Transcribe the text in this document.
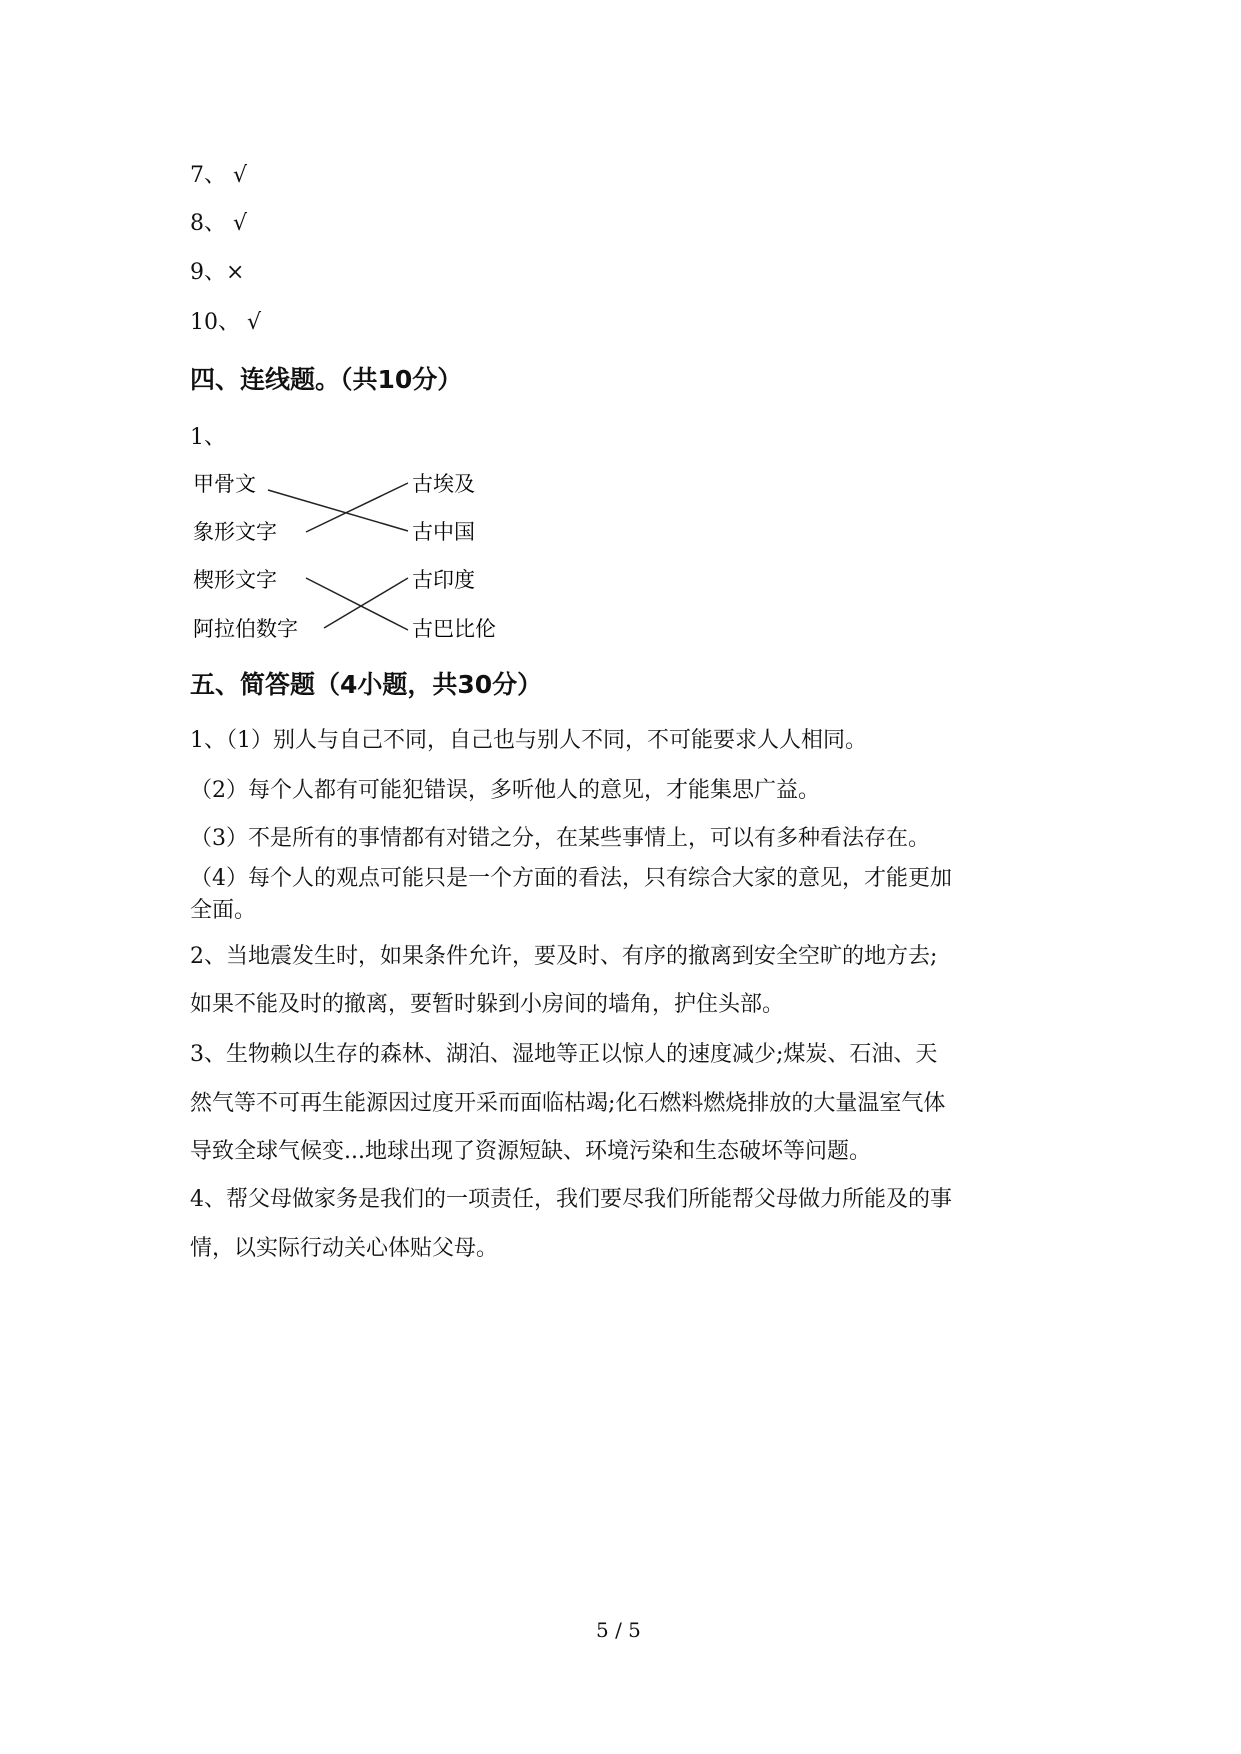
7、 √
8、 √
9、×
10、 √
四、连线题。（共10分）
1、
甲骨文
象形文字
楔形文字
阿拉伯数字
古埃及
古中国
古印度
古巴比伦
五、简答题（4小题，共30分）
1、（1）别人与自己不同，自己也与别人不同，不可能要求人人相同。
（2）每个人都有可能犯错误，多听他人的意见，才能集思广益。
（3）不是所有的事情都有对错之分，在某些事情上，可以有多种看法存在。
（4）每个人的观点可能只是一个方面的看法，只有综合大家的意见，才能更加
全面。
2、当地震发生时，如果条件允许，要及时、有序的撤离到安全空旷的地方去;
如果不能及时的撤离，要暂时躲到小房间的墙角，护住头部。
3、生物赖以生存的森林、湖泊、湿地等正以惊人的速度减少;煤炭、石油、天
然气等不可再生能源因过度开采而面临枯竭;化石燃料燃烧排放的大量温室气体
导致全球气候变...地球出现了资源短缺、环境污染和生态破坏等问题。
4、帮父母做家务是我们的一项责任，我们要尽我们所能帮父母做力所能及的事
情，以实际行动关心体贴父母。
5 / 5
